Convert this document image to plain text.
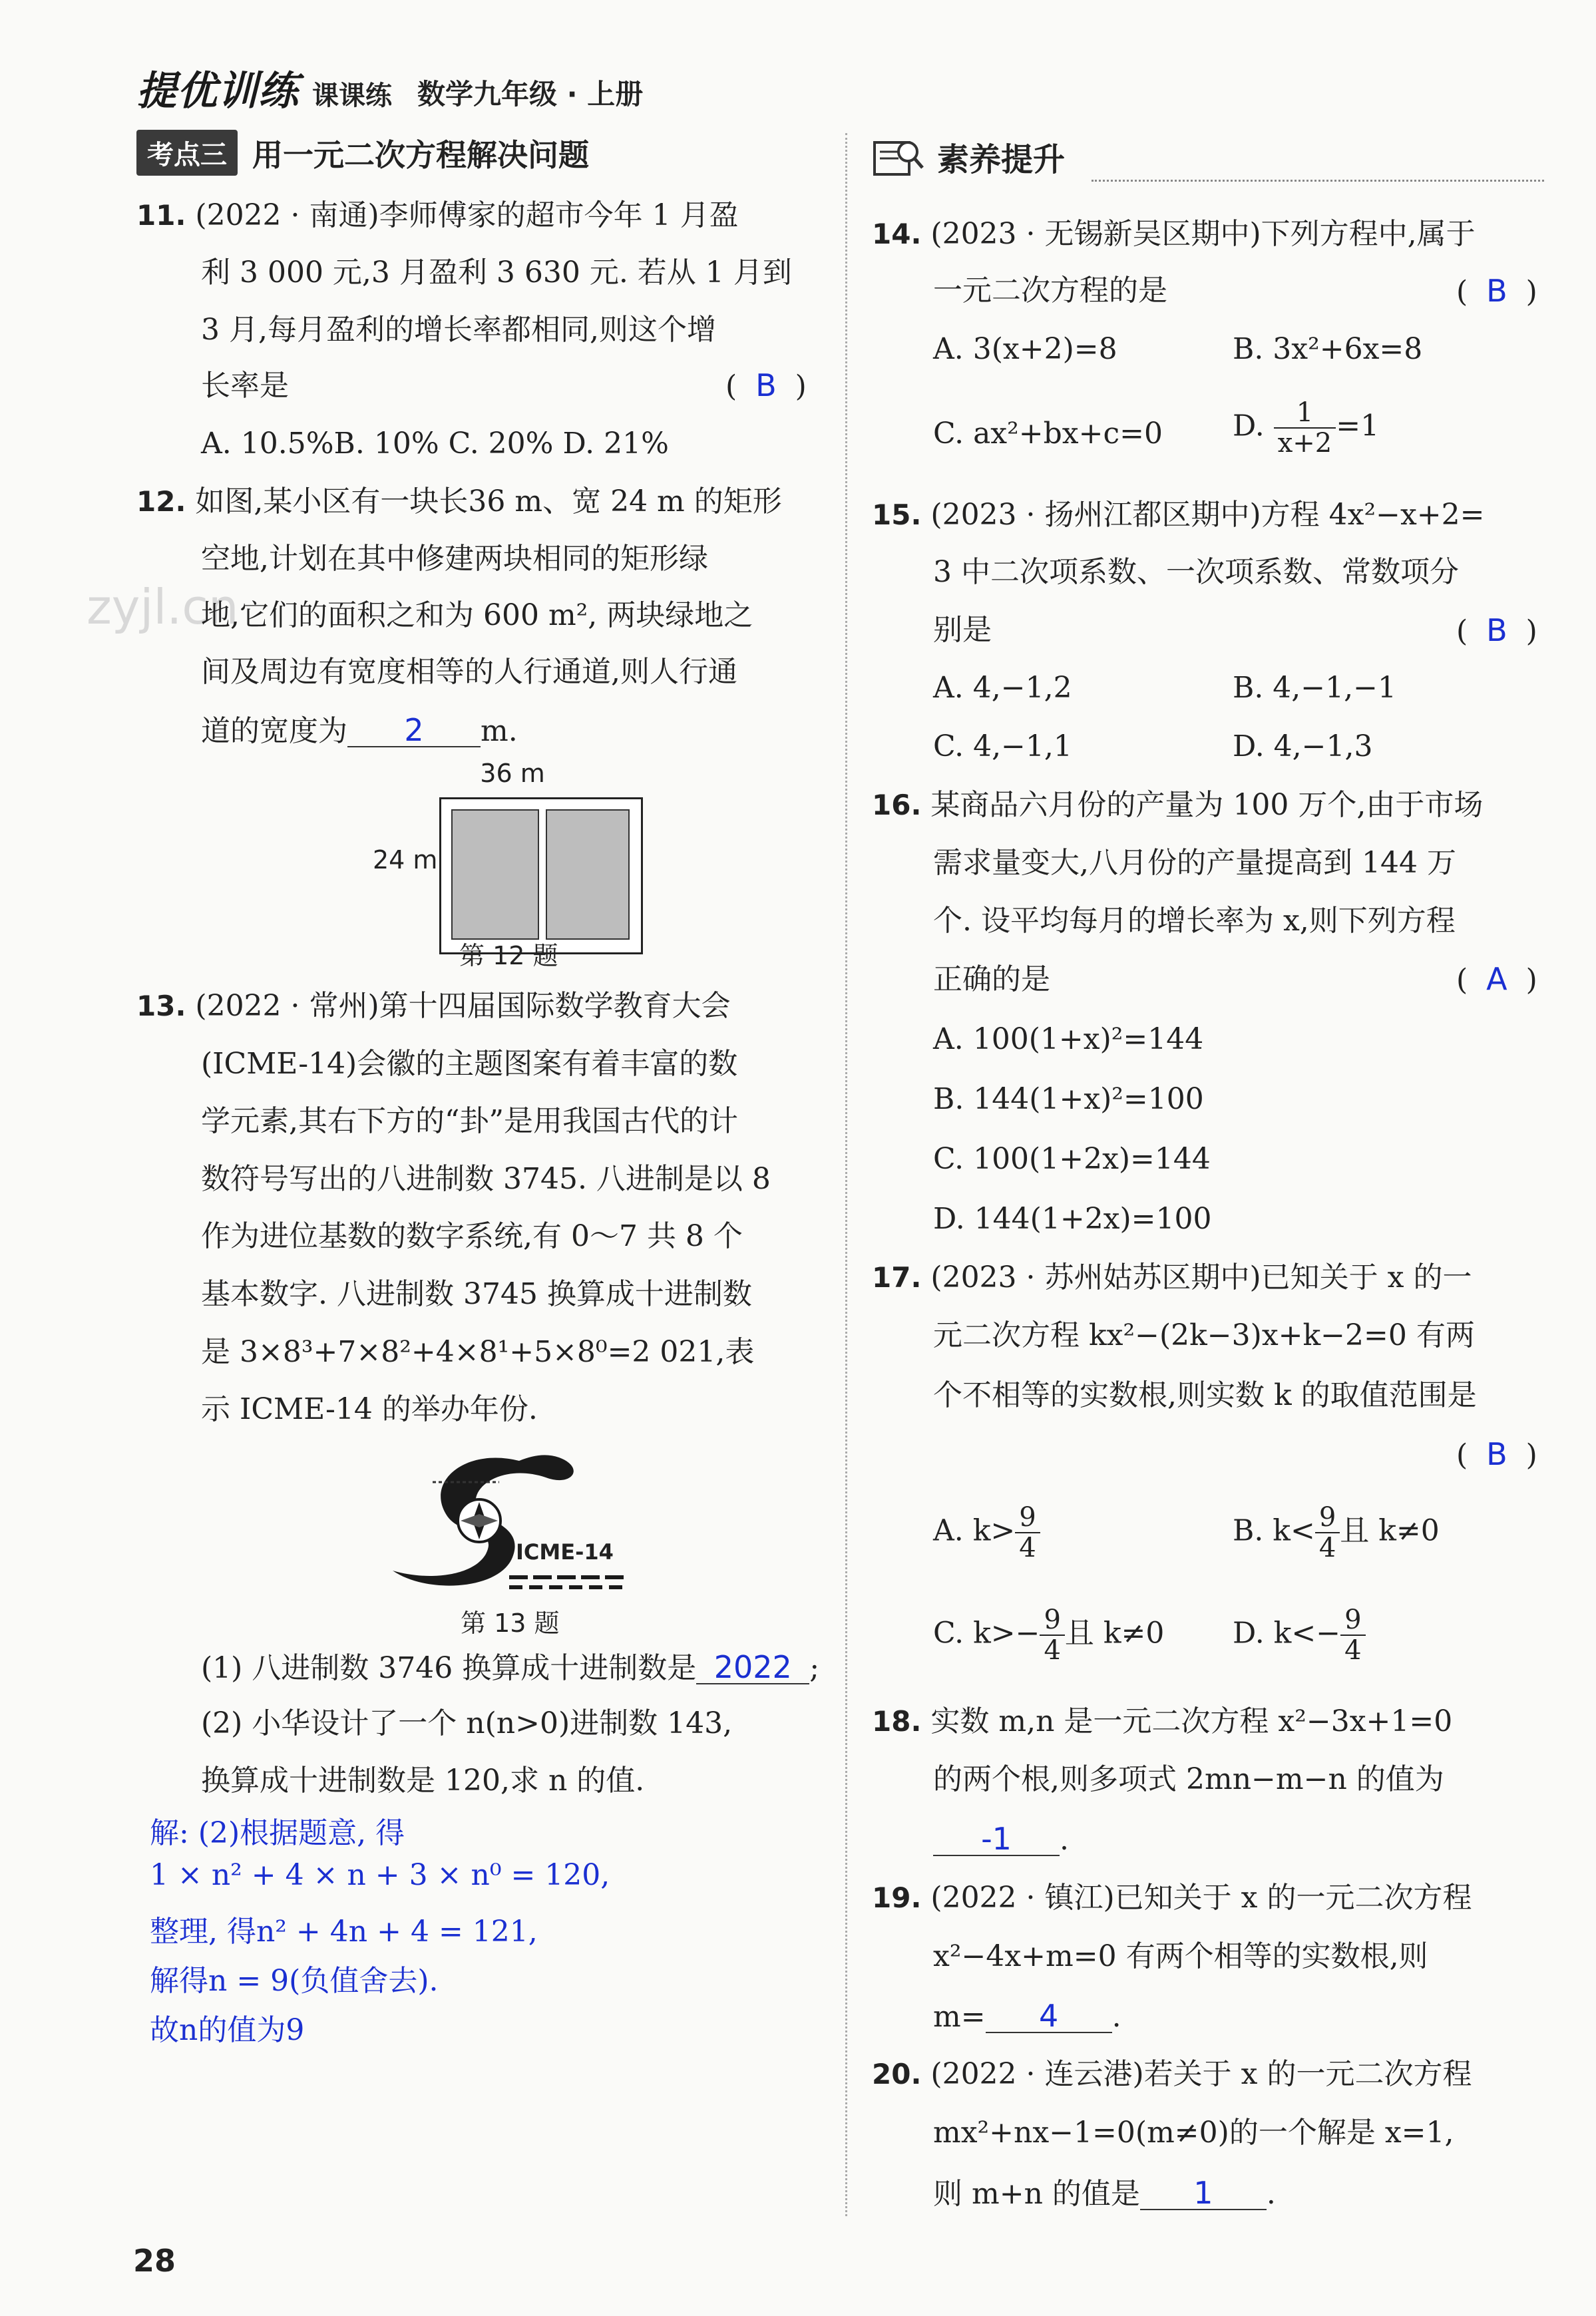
提优训练 课课练 数学九年级 · 上册
考点三 用一元二次方程解决问题
zyjl.cn
11. (2022 · 南通)李师傅家的超市今年 1 月盈
利 3 000 元,3 月盈利 3 630 元. 若从 1 月到
3 月,每月盈利的增长率都相同,则这个增
长率是	(  B  )
A. 10.5%B. 10% C. 20% D. 21%
12. 如图,某小区有一块长36 m、宽 24 m 的矩形
空地,计划在其中修建两块相同的矩形绿
地,它们的面积之和为 600 m², 两块绿地之
间及周边有宽度相等的人行通道,则人行通
道的宽度为 2 m.
36 m
24 m
第 12 题
13. (2022 · 常州)第十四届国际数学教育大会
(ICME-14)会徽的主题图案有着丰富的数
学元素,其右下方的“卦”是用我国古代的计
数符号写出的八进制数 3745. 八进制是以 8
作为进位基数的数字系统,有 0～7 共 8 个
基本数字. 八进制数 3745 换算成十进制数
是 3×8³+7×8²+4×8¹+5×8⁰=2 021,表
示 ICME-14 的举办年份.
ICME-14
第 13 题
(1) 八进制数 3746 换算成十进制数是 2022 ;
(2) 小华设计了一个 n(n>0)进制数 143,
换算成十进制数是 120,求 n 的值.
解: (2)根据题意, 得
1 × n² + 4 × n + 3 × n⁰ = 120,
整理, 得n² + 4n + 4 = 121,
解得n = 9(负值舍去).
故n的值为9
素养提升
14. (2023 · 无锡新吴区期中)下列方程中,属于
一元二次方程的是	(  B  )
A. 3(x+2)=8	B. 3x²+6x=8
C. ax²+bx+c=0 D. $\frac{1}{x+2} =1$
15. (2023 · 扬州江都区期中)方程 4x²−x+2=
3 中二次项系数、一次项系数、常数项分
别是	(  B  )
A. 4,−1,2	B. 4,−1,−1
C. 4,−1,1	D. 4,−1,3
16. 某商品六月份的产量为 100 万个,由于市场
需求量变大,八月份的产量提高到 144 万
个. 设平均每月的增长率为 x,则下列方程
正确的是	(  A  )
A. 100(1+x)²=144
B. 144(1+x)²=100
C. 100(1+2x)=144
D. 144(1+2x)=100
17. (2023 · 苏州姑苏区期中)已知关于 x 的一
元二次方程 kx²−(2k−3)x+k−2=0 有两
个不相等的实数根,则实数 k 的取值范围是
(  B  )
A. $k> \frac{9}{4}$	B. $k< \frac{9}{4}$ 且 k≠0
C. $k>- \frac{9}{4}$ 且 k≠0 D. $k<- \frac{9}{4}$
18. 实数 m,n 是一元二次方程 x²−3x+1=0
的两个根,则多项式 2mn−m−n 的值为
-1 .
19. (2022 · 镇江)已知关于 x 的一元二次方程
x²−4x+m=0 有两个相等的实数根,则
m= 4 .
20. (2022 · 连云港)若关于 x 的一元二次方程
mx²+nx−1=0(m≠0)的一个解是 x=1,
则 m+n 的值是 1 .
28
